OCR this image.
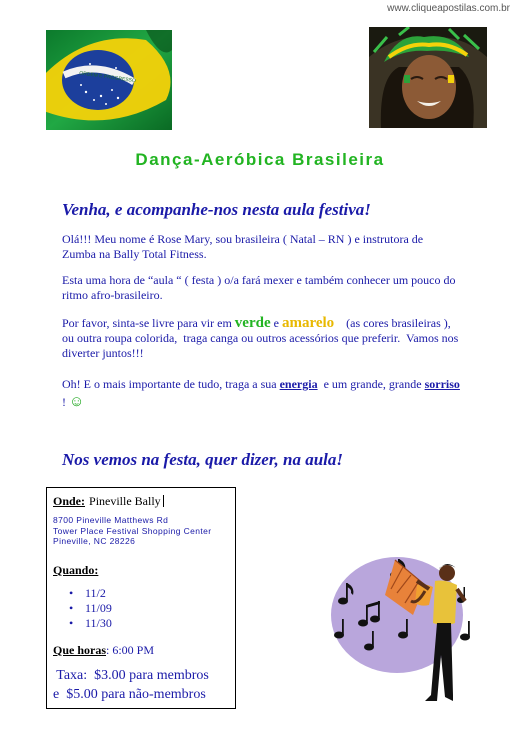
www.cliqueapostilas.com.br
ORDEM E PROGRESSO
Dança-Aeróbica Brasileira
Venha, e acompanhe-nos nesta aula festiva!
Olá!!! Meu nome é Rose Mary, sou brasileira ( Natal – RN ) e instrutora de Zumba na Bally Total Fitness.
Esta uma hora de “aula “ ( festa ) o/a fará mexer e também conhecer um pouco do ritmo afro-brasileiro.
Por favor, sinta-se livre para vir em verde e amarelo    (as cores brasileiras ), ou outra roupa colorida,  traga canga ou outros acessórios que preferir.  Vamos nos diverter juntos!!!
Oh! E o mais importante de tudo, traga a sua energia  e um grande, grande sorriso ! ☺
Nos vemos na festa, quer dizer, na aula!
Onde: Pineville Bally
8700 Pineville Matthews Rd
Tower Place Festival Shopping Center
Pineville, NC 28226
Quando:
• 11/2
• 11/09
• 11/30
Que horas: 6:00 PM
Taxa:  $3.00 para membros
e  $5.00 para não-membros
